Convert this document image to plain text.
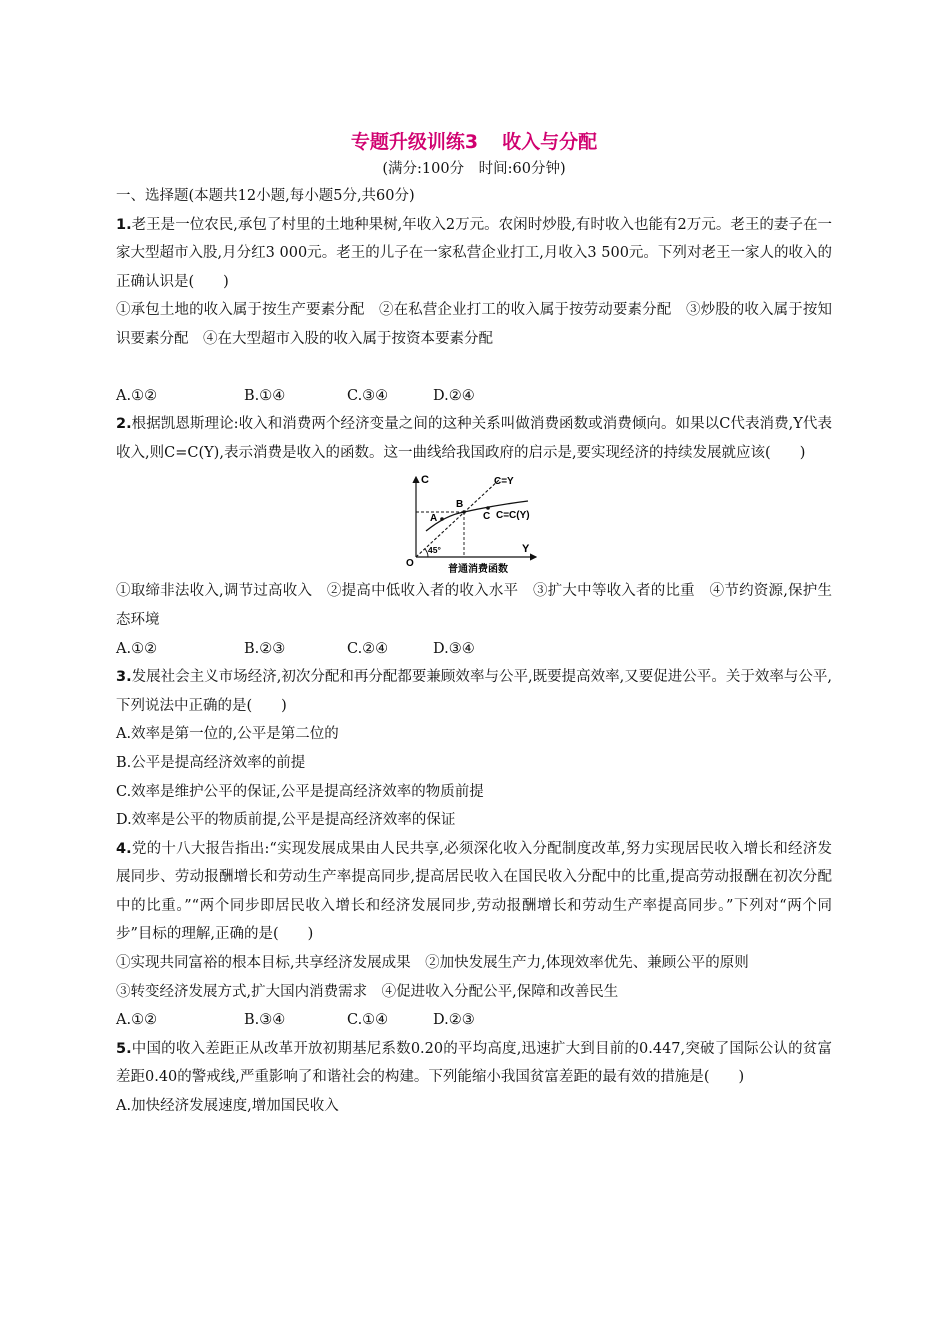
专题升级训练3 收入与分配

(满分:100分　时间:60分钟)

一、选择题(本题共12小题,每小题5分,共60分)

1.老王是一位农民,承包了村里的土地种果树,年收入2万元。农闲时炒股,有时收入也能有2万元。老王的妻子在一家大型超市入股,月分红3 000元。老王的儿子在一家私营企业打工,月收入3 500元。下列对老王一家人的收入的正确认识是(　　)

①承包土地的收入属于按生产要素分配　②在私营企业打工的收入属于按劳动要素分配　③炒股的收入属于按知识要素分配　④在大型超市入股的收入属于按资本要素分配

A.①②	B.①④	C.③④	D.②④

2.根据凯恩斯理论:收入和消费两个经济变量之间的这种关系叫做消费函数或消费倾向。如果以C代表消费,Y代表收入,则C=C(Y),表示消费是收入的函数。这一曲线给我国政府的启示是,要实现经济的持续发展就应该(　　)

C
Y
O
45°
C=Y
C=C(Y)
A
B
C
普通消费函数

①取缔非法收入,调节过高收入　②提高中低收入者的收入水平　③扩大中等收入者的比重　④节约资源,保护生态环境

A.①②	B.②③	C.②④	D.③④

3.发展社会主义市场经济,初次分配和再分配都要兼顾效率与公平,既要提高效率,又要促进公平。关于效率与公平,下列说法中正确的是(　　)

A.效率是第一位的,公平是第二位的

B.公平是提高经济效率的前提

C.效率是维护公平的保证,公平是提高经济效率的物质前提

D.效率是公平的物质前提,公平是提高经济效率的保证

4.党的十八大报告指出:“实现发展成果由人民共享,必须深化收入分配制度改革,努力实现居民收入增长和经济发展同步、劳动报酬增长和劳动生产率提高同步,提高居民收入在国民收入分配中的比重,提高劳动报酬在初次分配中的比重。”“两个同步即居民收入增长和经济发展同步,劳动报酬增长和劳动生产率提高同步。”下列对“两个同步”目标的理解,正确的是(　　)

①实现共同富裕的根本目标,共享经济发展成果　②加快发展生产力,体现效率优先、兼顾公平的原则

③转变经济发展方式,扩大国内消费需求　④促进收入分配公平,保障和改善民生

A.①②	B.③④	C.①④	D.②③

5.中国的收入差距正从改革开放初期基尼系数0.20的平均高度,迅速扩大到目前的0.447,突破了国际公认的贫富差距0.40的警戒线,严重影响了和谐社会的构建。下列能缩小我国贫富差距的最有效的措施是(　　)

A.加快经济发展速度,增加国民收入
